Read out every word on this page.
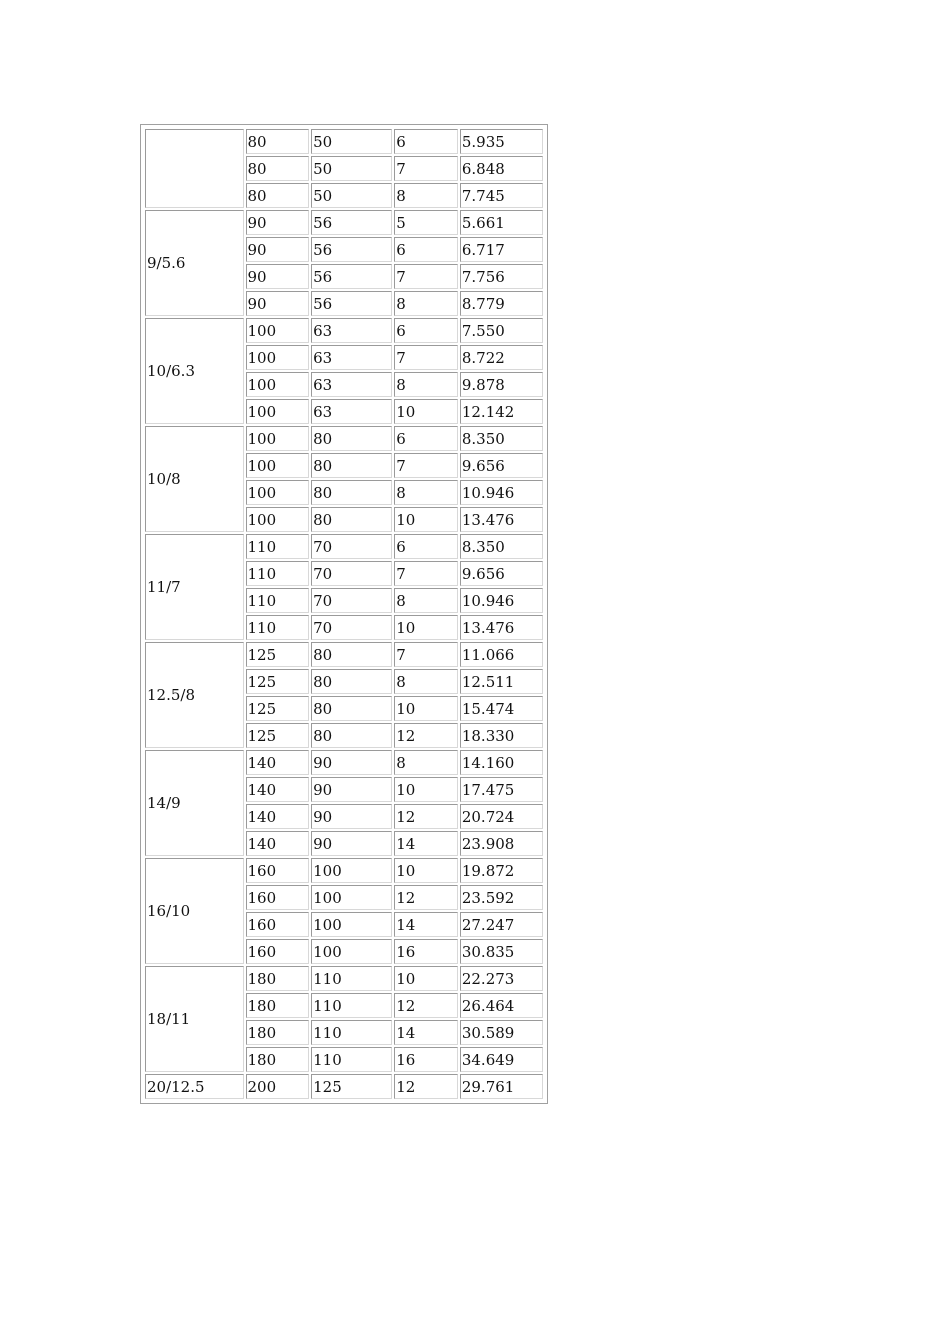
	80	50	6	5.935
	80	50	7	6.848
	80	50	8	7.745
9/5.6	90	56	5	5.661
	90	56	6	6.717
	90	56	7	7.756
	90	56	8	8.779
10/6.3	100	63	6	7.550
	100	63	7	8.722
	100	63	8	9.878
	100	63	10	12.142
10/8	100	80	6	8.350
	100	80	7	9.656
	100	80	8	10.946
	100	80	10	13.476
11/7	110	70	6	8.350
	110	70	7	9.656
	110	70	8	10.946
	110	70	10	13.476
12.5/8	125	80	7	11.066
	125	80	8	12.511
	125	80	10	15.474
	125	80	12	18.330
14/9	140	90	8	14.160
	140	90	10	17.475
	140	90	12	20.724
	140	90	14	23.908
16/10	160	100	10	19.872
	160	100	12	23.592
	160	100	14	27.247
	160	100	16	30.835
18/11	180	110	10	22.273
	180	110	12	26.464
	180	110	14	30.589
	180	110	16	34.649
20/12.5	200	125	12	29.761
